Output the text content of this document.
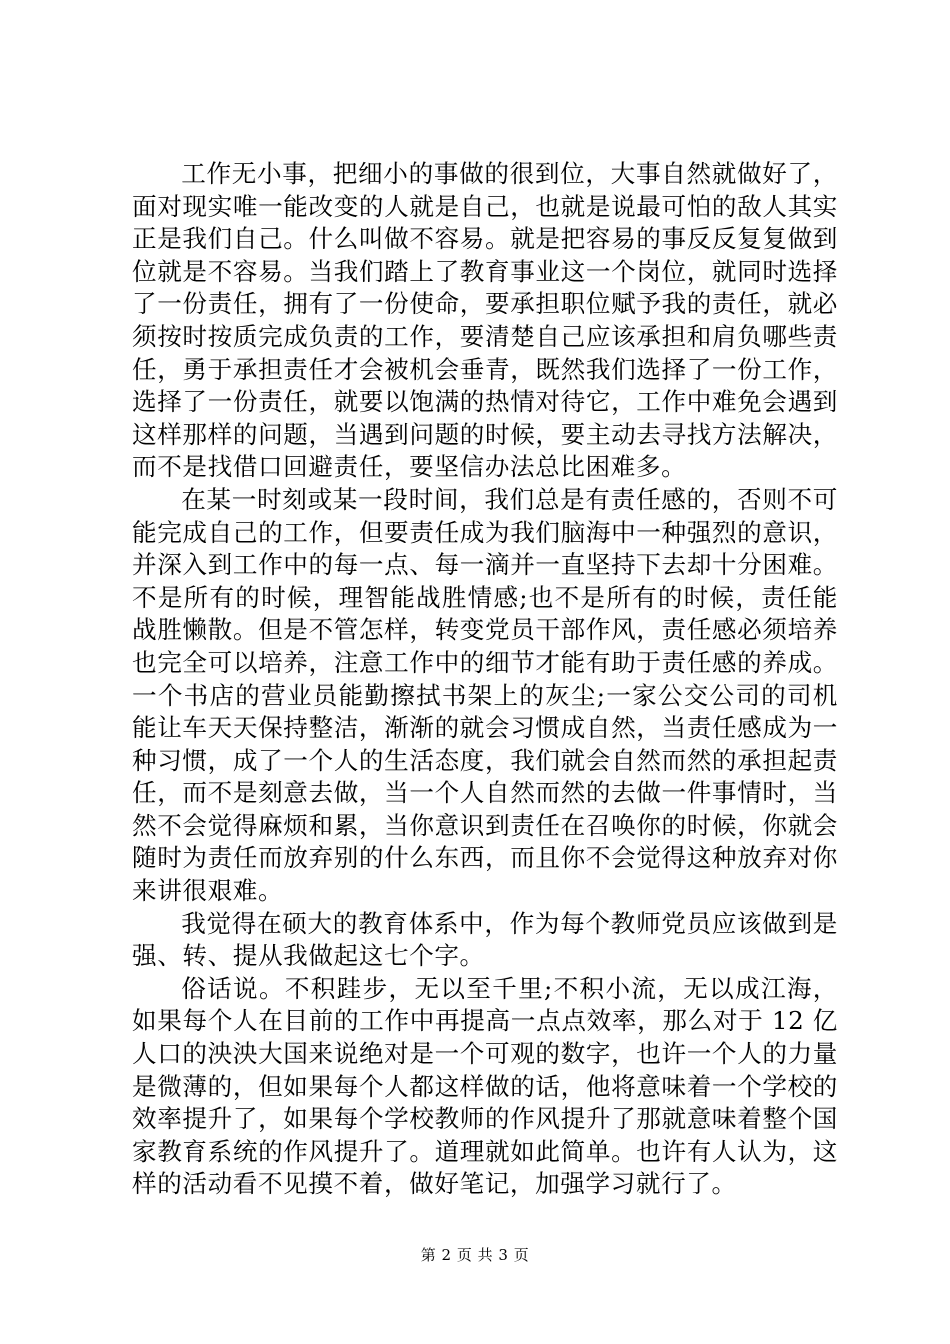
工作无小事，把细小的事做的很到位，大事自然就做好了，面对现实唯一能改变的人就是自己，也就是说最可怕的敌人其实正是我们自己。什么叫做不容易。就是把容易的事反反复复做到位就是不容易。当我们踏上了教育事业这一个岗位，就同时选择了一份责任，拥有了一份使命，要承担职位赋予我的责任，就必须按时按质完成负责的工作，要清楚自己应该承担和肩负哪些责任，勇于承担责任才会被机会垂青，既然我们选择了一份工作，选择了一份责任，就要以饱满的热情对待它，工作中难免会遇到这样那样的问题，当遇到问题的时候，要主动去寻找方法解决，而不是找借口回避责任，要坚信办法总比困难多。

在某一时刻或某一段时间，我们总是有责任感的，否则不可能完成自己的工作，但要责任成为我们脑海中一种强烈的意识，并深入到工作中的每一点、每一滴并一直坚持下去却十分困难。不是所有的时候，理智能战胜情感;也不是所有的时候，责任能战胜懒散。但是不管怎样，转变党员干部作风，责任感必须培养也完全可以培养，注意工作中的细节才能有助于责任感的养成。一个书店的营业员能勤擦拭书架上的灰尘;一家公交公司的司机能让车天天保持整洁，渐渐的就会习惯成自然，当责任感成为一种习惯，成了一个人的生活态度，我们就会自然而然的承担起责任，而不是刻意去做，当一个人自然而然的去做一件事情时，当然不会觉得麻烦和累，当你意识到责任在召唤你的时候，你就会随时为责任而放弃别的什么东西，而且你不会觉得这种放弃对你来讲很艰难。

我觉得在硕大的教育体系中，作为每个教师党员应该做到是强、转、提从我做起这七个字。

俗话说。不积跬步，无以至千里;不积小流，无以成江海，如果每个人在目前的工作中再提高一点点效率，那么对于 12 亿人口的泱泱大国来说绝对是一个可观的数字，也许一个人的力量是微薄的，但如果每个人都这样做的话，他将意味着一个学校的效率提升了，如果每个学校教师的作风提升了那就意味着整个国家教育系统的作风提升了。道理就如此简单。也许有人认为，这样的活动看不见摸不着，做好笔记，加强学习就行了。

第 2 页 共 3 页
